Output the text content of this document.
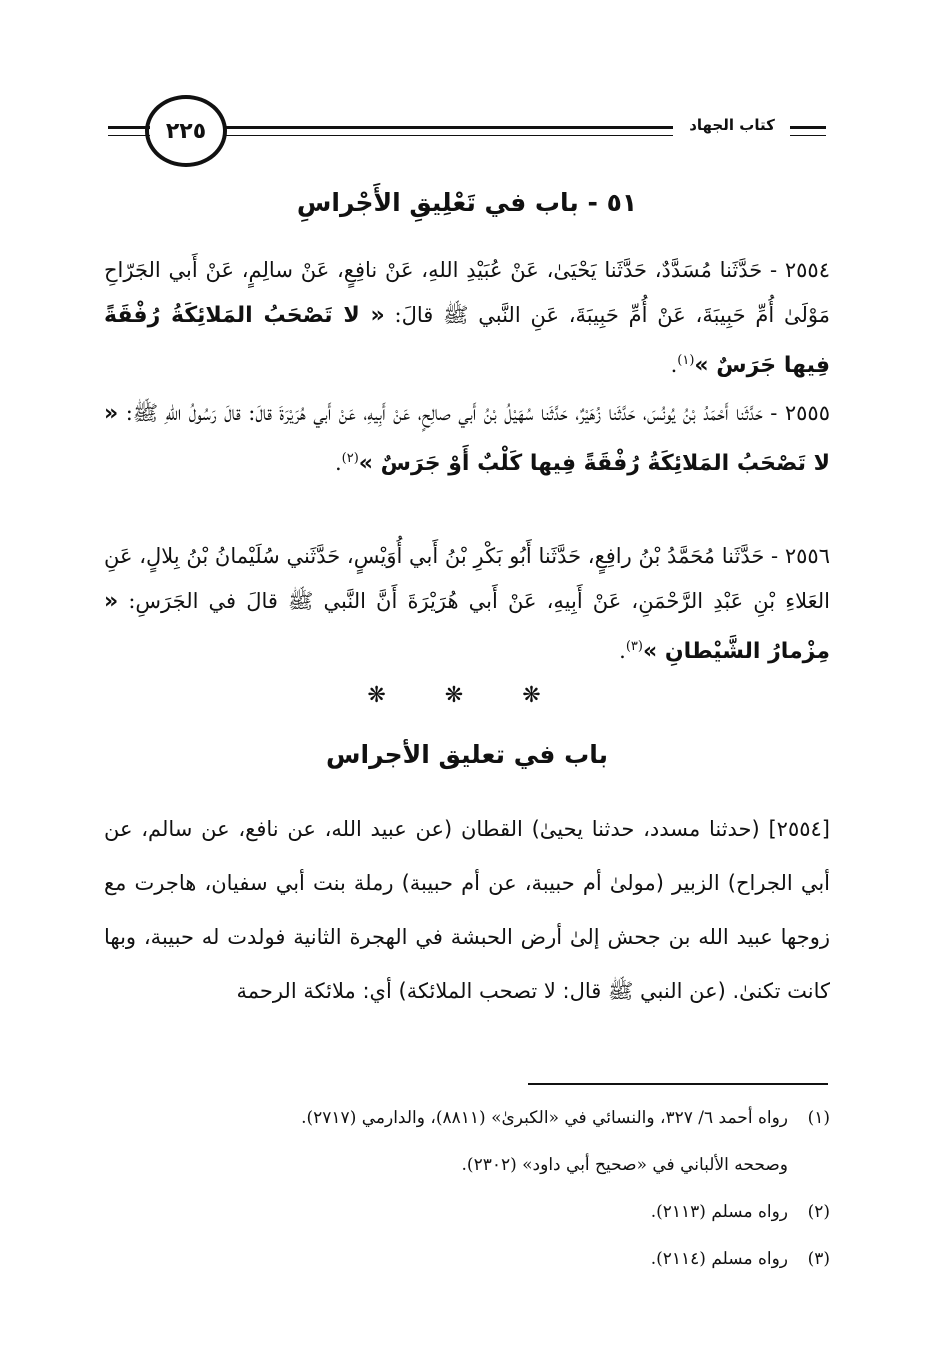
كتاب الجهاد
٢٢٥
٥١ - باب في تَعْلِيقِ الأَجْراسِ
٢٥٥٤ - حَدَّثَنا مُسَدَّدٌ، حَدَّثَنا يَحْيَىٰ، عَنْ عُبَيْدِ اللهِ، عَنْ نافِعٍ، عَنْ سالِمٍ، عَنْ أَبي الجَرّاحِ مَوْلَىٰ أُمِّ حَبِيبَةَ، عَنْ أُمِّ حَبِيبَةَ، عَنِ النَّبي ﷺ قالَ: « لا تَصْحَبُ المَلائِكَةُ رُفْقَةً فِيها جَرَسٌ »$^{(١)}$.
٢٥٥٥ - حَدَّثَنا أَحْمَدُ بْنُ يُونُسَ، حَدَّثَنا زُهَيْرٌ، حَدَّثَنا سُهَيْلُ بْنُ أَبي صالِحٍ، عَنْ أَبِيهِ، عَنْ أَبي هُرَيْرَةَ قالَ: قالَ رَسُولُ اللهِ ﷺ: « لا تَصْحَبُ المَلائِكَةُ رُفْقَةً فِيها كَلْبٌ أَوْ جَرَسٌ »$^{(٢)}$.
٢٥٥٦ - حَدَّثَنا مُحَمَّدُ بْنُ رافِعٍ، حَدَّثَنا أَبُو بَكْرِ بْنُ أَبي أُوَيْسٍ، حَدَّثَني سُلَيْمانُ بْنُ بِلالٍ، عَنِ العَلاءِ بْنِ عَبْدِ الرَّحْمَنِ، عَنْ أَبِيهِ، عَنْ أَبي هُرَيْرَةَ أَنَّ النَّبي ﷺ قالَ في الجَرَسِ: « مِزْمارُ الشَّيْطانِ »$^{(٣)}$.
❋ ❋ ❋
باب في تعليق الأجراس
[٢٥٥٤] (حدثنا مسدد، حدثنا يحيىٰ) القطان (عن عبيد الله، عن نافع، عن سالم، عن أبي الجراح) الزبير (مولىٰ أم حبيبة، عن أم حبيبة) رملة بنت أبي سفيان، هاجرت مع زوجها عبيد الله بن جحش إلىٰ أرض الحبشة في الهجرة الثانية فولدت له حبيبة، وبها كانت تكنىٰ. (عن النبي ﷺ قال: لا تصحب الملائكة) أي: ملائكة الرحمة
(١)رواه أحمد ٦/ ٣٢٧، والنسائي في «الكبرىٰ» (٨٨١١)، والدارمي (٢٧١٧).
وصححه الألباني في «صحيح أبي داود» (٢٣٠٢).
(٢)رواه مسلم (٢١١٣).
(٣)رواه مسلم (٢١١٤).
